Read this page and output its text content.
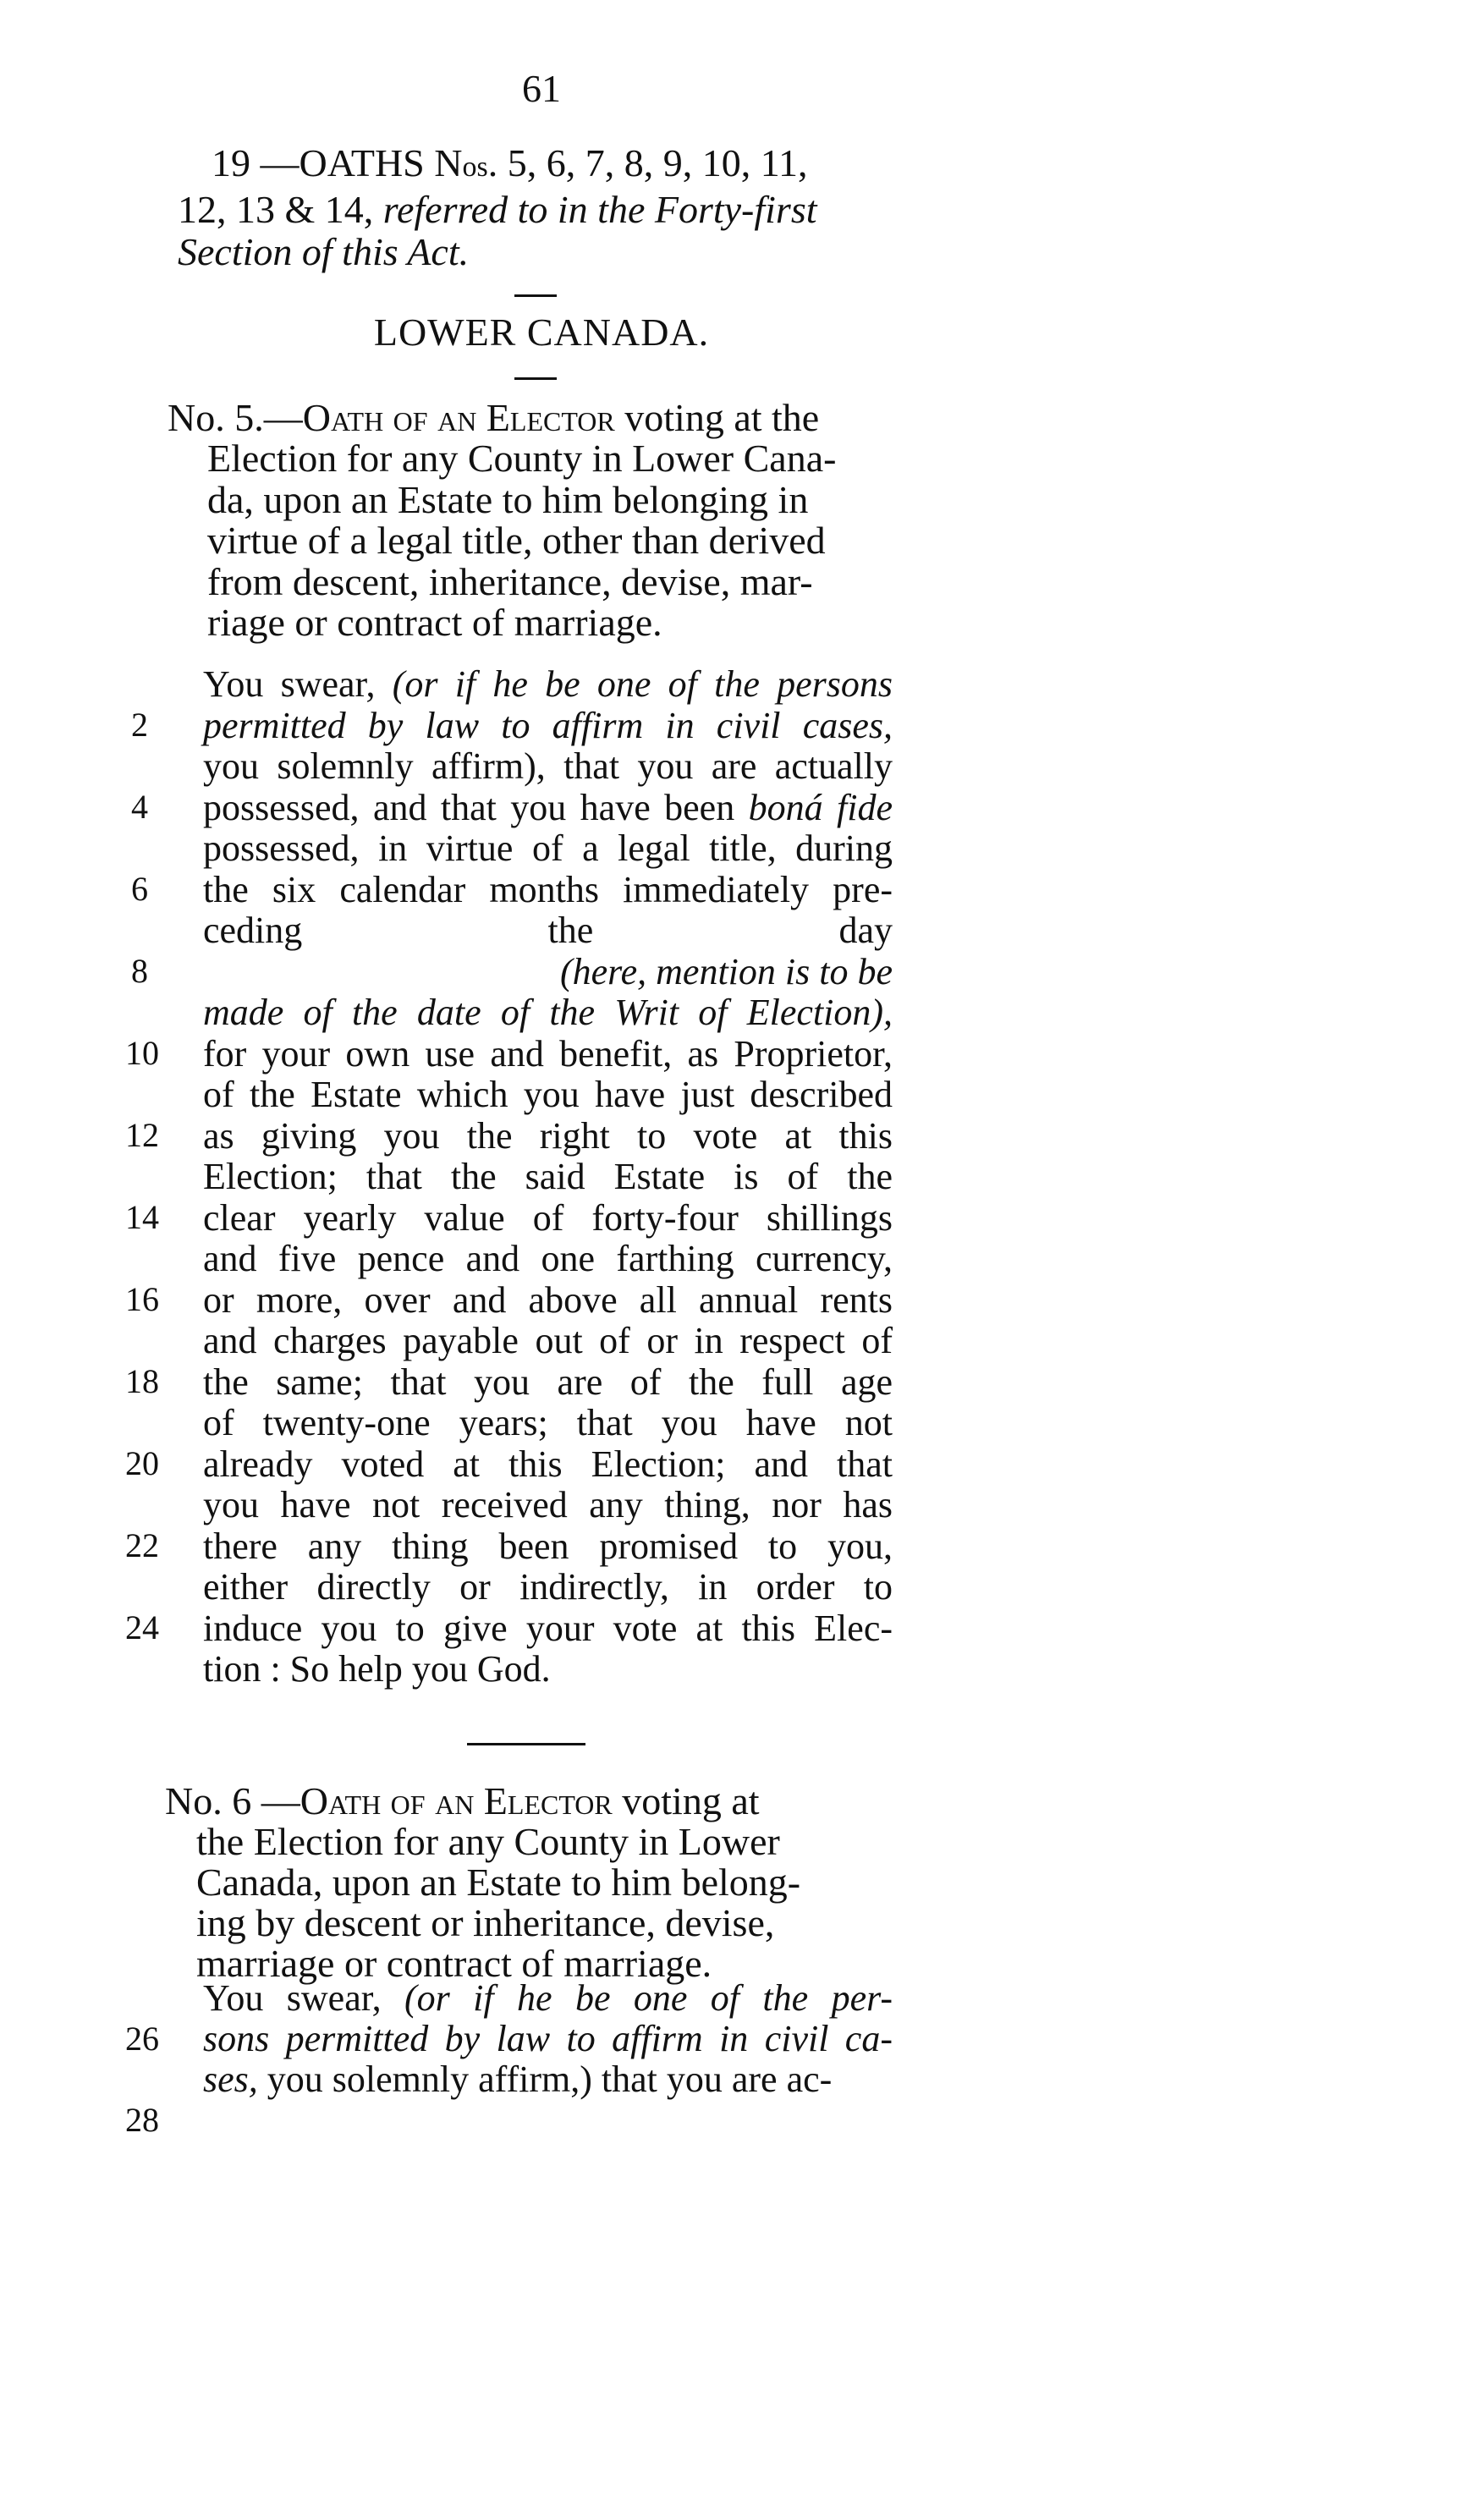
61
19 —OATHS Nos. 5, 6, 7, 8, 9, 10, 11,
12, 13 & 14, referred to in the Forty-first
Section of this Act.
LOWER CANADA.
No. 5.—Oath of an Elector voting at the
Election for any County in Lower Cana-
da, upon an Estate to him belonging in
virtue of a legal title, other than derived
from descent, inheritance, devise, mar-
riage or contract of marriage.
You swear, (or if he be one of the persons
permitted by law to affirm in civil cases,
you solemnly affirm), that you are actually
possessed, and that you have been boná fide
possessed, in virtue of a legal title, during
the six calendar months immediately pre-
ceding the day
(here, mention is to be
made of the date of the Writ of Election),
for your own use and benefit, as Proprietor,
of the Estate which you have just described
as giving you the right to vote at this
Election; that the said Estate is of the
clear yearly value of forty-four shillings
and five pence and one farthing currency,
or more, over and above all annual rents
and charges payable out of or in respect of
the same; that you are of the full age
of twenty-one years; that you have not
already voted at this Election; and that
you have not received any thing, nor has
there any thing been promised to you,
either directly or indirectly, in order to
induce you to give your vote at this Elec-
tion : So help you God.
No. 6 —Oath of an Elector voting at
the Election for any County in Lower
Canada, upon an Estate to him belong-
ing by descent or inheritance, devise,
marriage or contract of marriage.
You swear, (or if he be one of the per-
sons permitted by law to affirm in civil ca-
ses, you solemnly affirm,) that you are ac-
2
4
6
8
10
12
14
16
18
20
22
24
26
28
